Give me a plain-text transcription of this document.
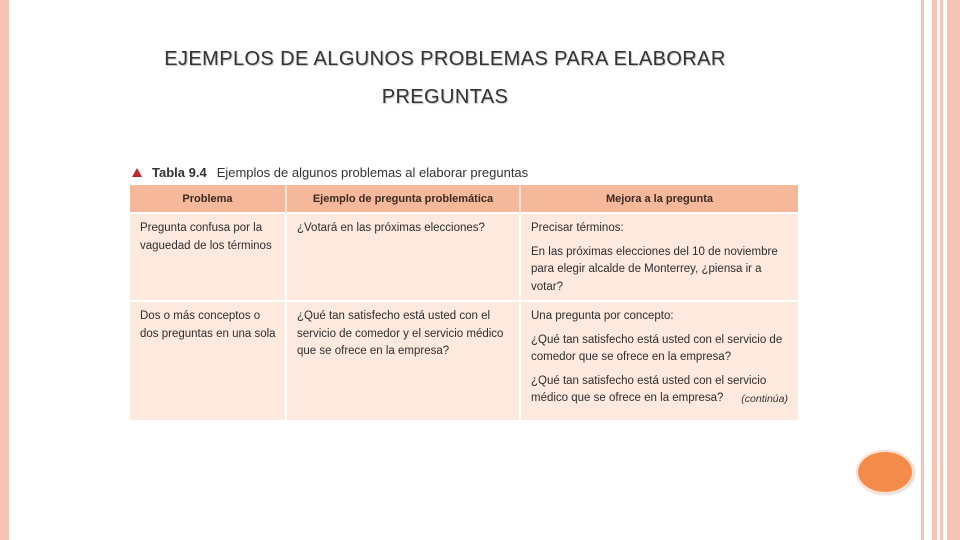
EJEMPLOS DE ALGUNOS PROBLEMAS PARA ELABORAR
PREGUNTAS
Tabla 9.4 Ejemplos de algunos problemas al elaborar preguntas
Problema	Ejemplo de pregunta problemática	Mejora a la pregunta
Pregunta confusa por la vaguedad de los términos	¿Votará en las próximas elecciones?	Precisar términos:
En las próximas elecciones del 10 de noviembre para elegir alcalde de Monterrey, ¿piensa ir a votar?

Dos o más conceptos o dos preguntas en una sola	¿Qué tan satisfecho está usted con el servicio de comedor y el servicio médico que se ofrece en la empresa?	Una pregunta por concepto:
¿Qué tan satisfecho está usted con el servicio de comedor que se ofrece en la empresa?
¿Qué tan satisfecho está usted con el servicio médico que se ofrece en la empresa?	(continúa)
